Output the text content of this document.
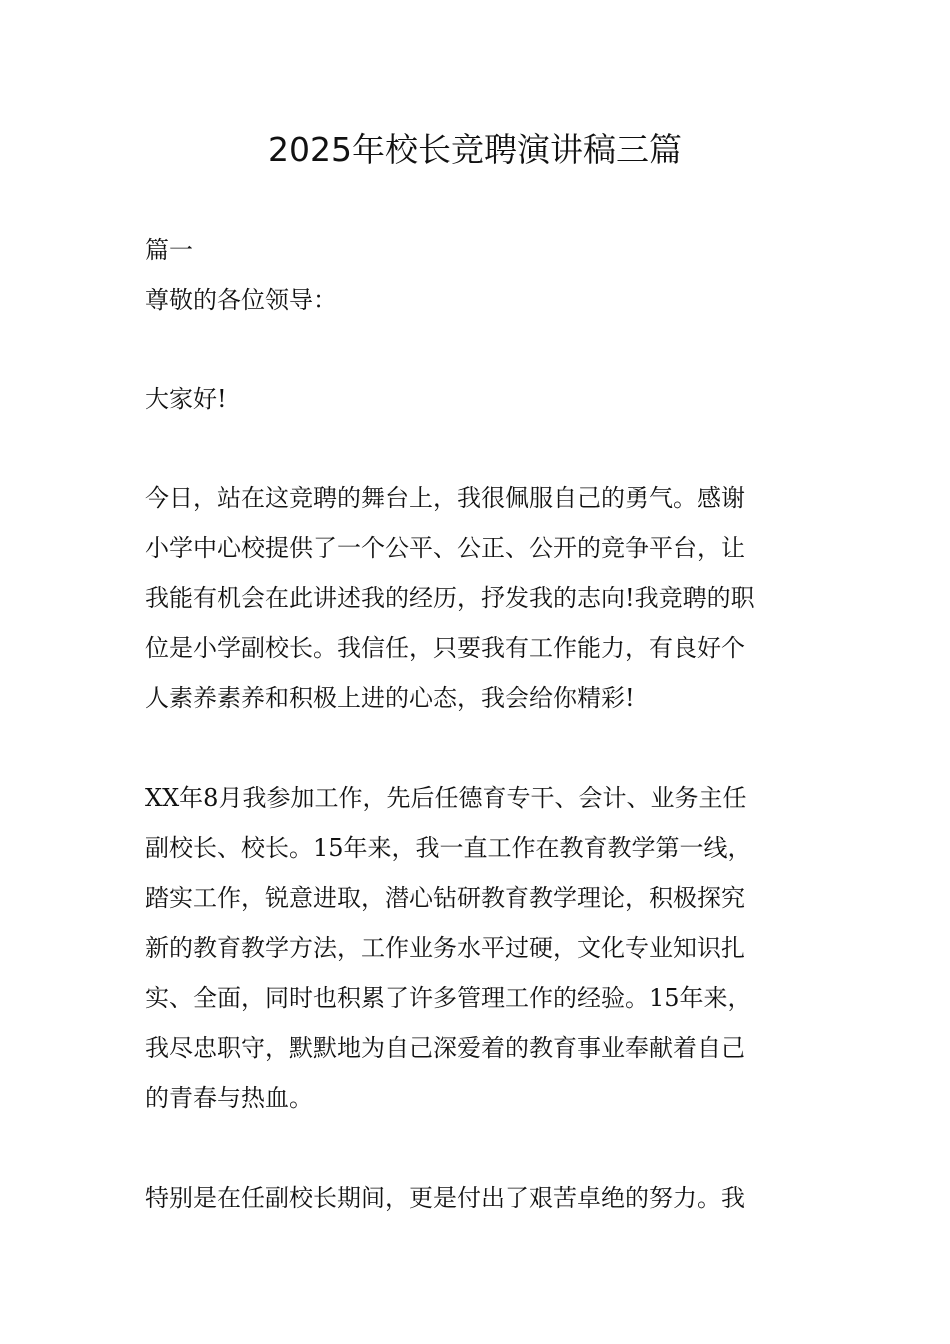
2025年校长竞聘演讲稿三篇
篇一
尊敬的各位领导：
大家好!
今日，站在这竞聘的舞台上，我很佩服自己的勇气。感谢
小学中心校提供了一个公平、公正、公开的竞争平台，让
我能有机会在此讲述我的经历，抒发我的志向!我竞聘的职
位是小学副校长。我信任，只要我有工作能力，有良好个
人素养素养和积极上进的心态，我会给你精彩!
XX年8月我参加工作，先后任德育专干、会计、业务主任
副校长、校长。15年来，我一直工作在教育教学第一线，
踏实工作，锐意进取，潜心钻研教育教学理论，积极探究
新的教育教学方法，工作业务水平过硬，文化专业知识扎
实、全面，同时也积累了许多管理工作的经验。15年来，
我尽忠职守，默默地为自己深爱着的教育事业奉献着自己
的青春与热血。
特别是在任副校长期间，更是付出了艰苦卓绝的努力。我
